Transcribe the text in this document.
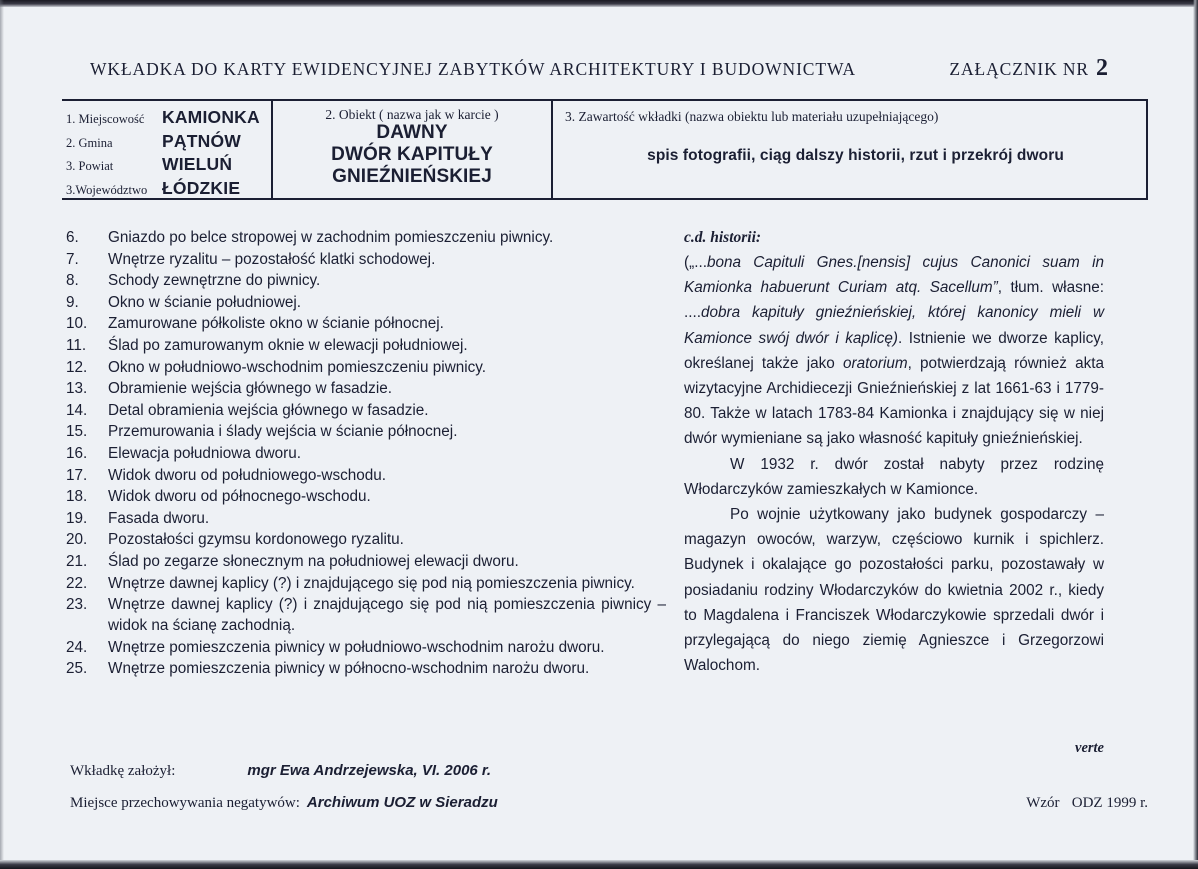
WKŁADKA DO KARTY EWIDENCYJNEJ ZABYTKÓW ARCHITEKTURY I BUDOWNICTWA	ZAŁĄCZNIK NR 2
1. Miejscowość	KAMIONKA
2. Gmina	PĄTNÓW
3. Powiat	WIELUŃ
3.Województwo ŁÓDZKIE
2. Obiekt ( nazwa jak w karcie )
DAWNY
DWÓR KAPITUŁY
GNIEŹNIEŃSKIEJ
3. Zawartość wkładki (nazwa obiektu lub materiału uzupełniającego)
spis fotografii, ciąg dalszy historii, rzut i przekrój dworu
6.	Gniazdo po belce stropowej w zachodnim pomieszczeniu piwnicy.
7.	Wnętrze ryzalitu – pozostałość klatki schodowej.
8.	Schody zewnętrzne do piwnicy.
9.	Okno w ścianie południowej.
10.	Zamurowane półkoliste okno w ścianie północnej.
11.	Ślad po zamurowanym oknie w elewacji południowej.
12.	Okno w południowo-wschodnim pomieszczeniu piwnicy.
13.	Obramienie wejścia głównego w fasadzie.
14.	Detal obramienia wejścia głównego w fasadzie.
15.	Przemurowania i ślady wejścia w ścianie północnej.
16.	Elewacja południowa dworu.
17.	Widok dworu od południowego-wschodu.
18.	Widok dworu od północnego-wschodu.
19.	Fasada dworu.
20.	Pozostałości gzymsu kordonowego ryzalitu.
21.	Ślad po zegarze słonecznym na południowej elewacji dworu.
22.	Wnętrze dawnej kaplicy (?) i znajdującego się pod nią pomieszczenia piwnicy.
23.	Wnętrze dawnej kaplicy (?) i znajdującego się pod nią pomieszczenia piwnicy – widok na ścianę zachodnią.
24.	Wnętrze pomieszczenia piwnicy w południowo-wschodnim narożu dworu.
25.	Wnętrze pomieszczenia piwnicy w północno-wschodnim narożu dworu.
c.d. historii:

(„...bona Capituli Gnes.[nensis] cujus Canonici suam in Kamionka habuerunt Curiam atq. Sacellum”, tłum. własne: ....dobra kapituły gnieźnieńskiej, której kanonicy mieli w Kamionce swój dwór i kaplicę). Istnienie we dworze kaplicy, określanej także jako oratorium, potwierdzają również akta wizytacyjne Archidiecezji Gnieźnieńskiej z lat 1661-63 i 1779-80. Także w latach 1783-84 Kamionka i znajdujący się w niej dwór wymieniane są jako własność kapituły gnieźnieńskiej.

W 1932 r. dwór został nabyty przez rodzinę Włodarczyków zamieszkałych w Kamionce.

Po wojnie użytkowany jako budynek gospodarczy – magazyn owoców, warzyw, częściowo kurnik i spichlerz. Budynek i okalające go pozostałości parku, pozostawały w posiadaniu rodziny Włodarczyków do kwietnia 2002 r., kiedy to Magdalena i Franciszek Włodarczykowie sprzedali dwór i przylegającą do niego ziemię Agnieszce i Grzegorzowi Walochom.

verte
Wkładkę założył:	mgr Ewa Andrzejewska, VI. 2006 r.
Miejsce przechowywania negatywów: Archiwum UOZ w Sieradzu	Wzór ODZ 1999 r.
